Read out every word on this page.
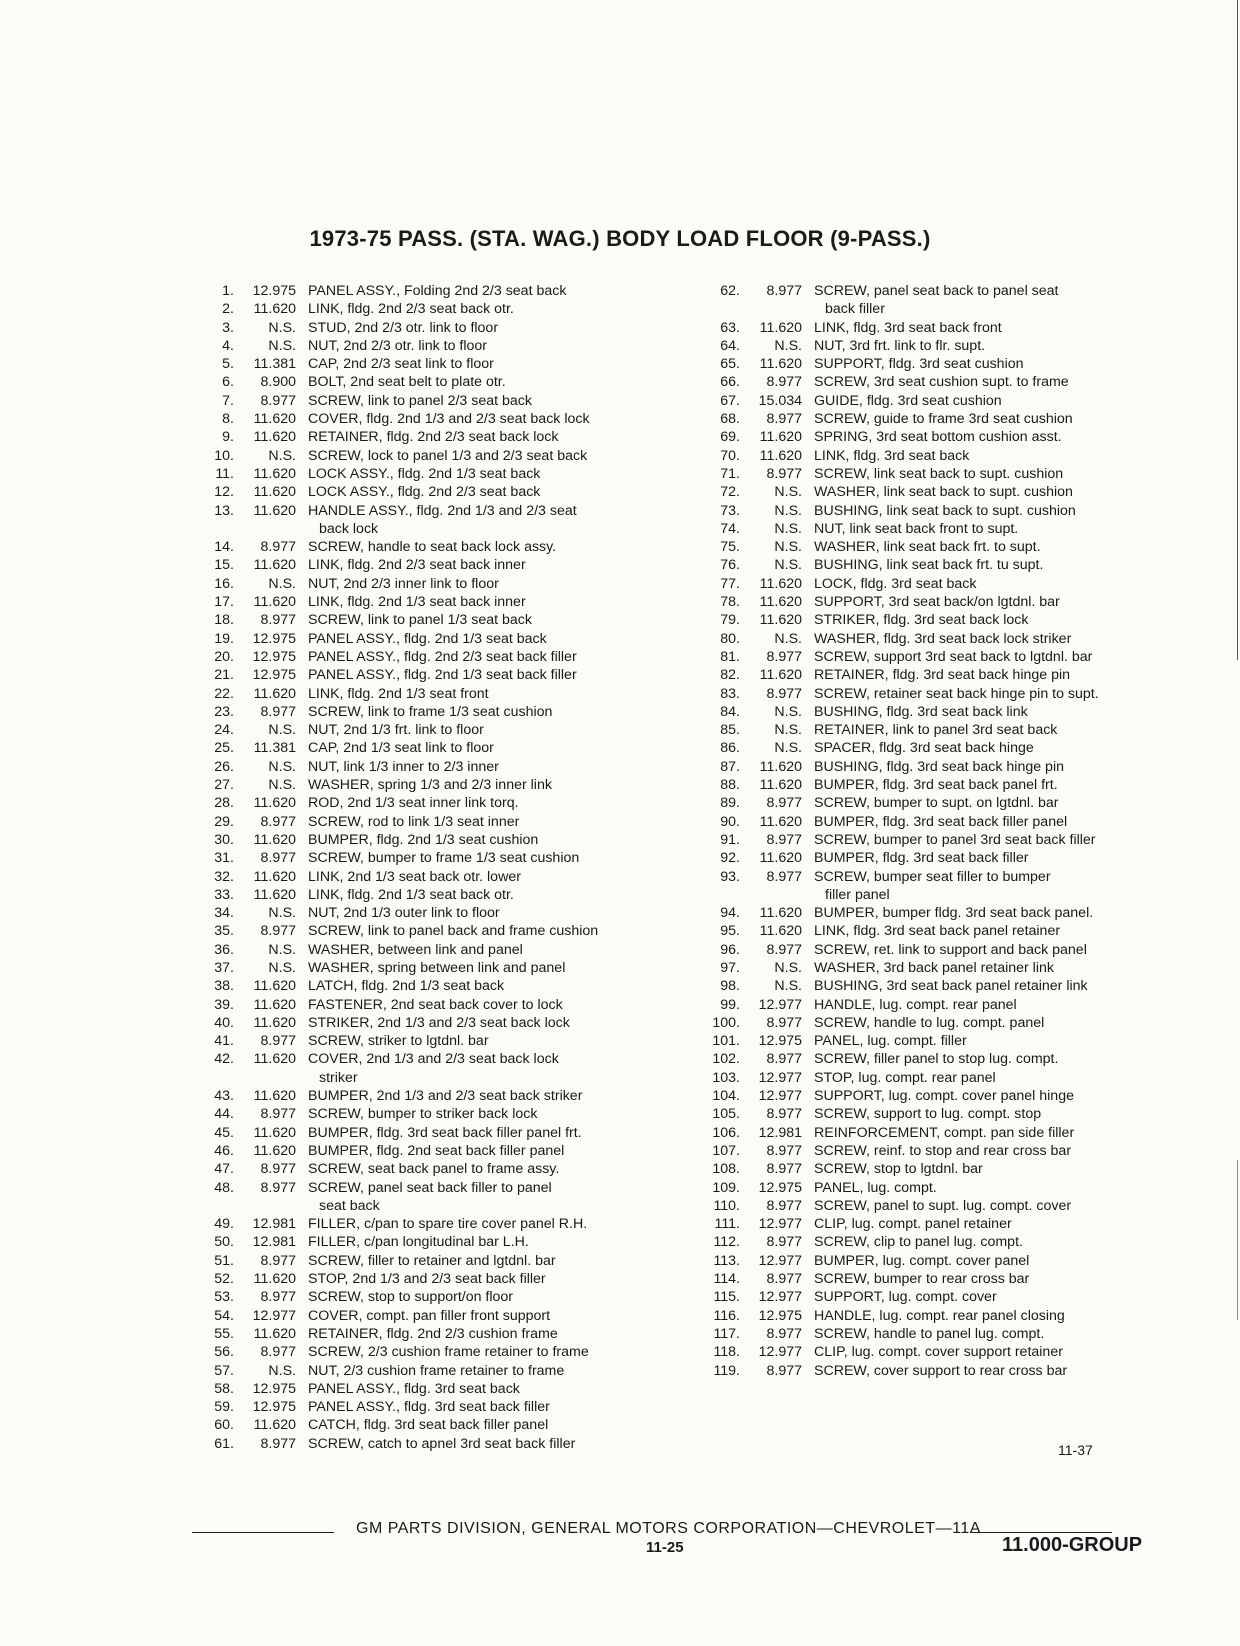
1973-75 PASS. (STA. WAG.) BODY LOAD FLOOR (9-PASS.)
1.	12.975 PANEL ASSY., Folding 2nd 2/3 seat back
2.	11.620 LINK, fldg. 2nd 2/3 seat back otr.
3.	N.S. STUD, 2nd 2/3 otr. link to floor
4.	N.S. NUT, 2nd 2/3 otr. link to floor
5.	11.381 CAP, 2nd 2/3 seat link to floor
6.	8.900 BOLT, 2nd seat belt to plate otr.
7.	8.977 SCREW, link to panel 2/3 seat back
8.	11.620 COVER, fldg. 2nd 1/3 and 2/3 seat back lock
9.	11.620 RETAINER, fldg. 2nd 2/3 seat back lock
10.	N.S. SCREW, lock to panel 1/3 and 2/3 seat back
11.	11.620 LOCK ASSY., fldg. 2nd 1/3 seat back
12.	11.620 LOCK ASSY., fldg. 2nd 2/3 seat back
13.	11.620 HANDLE ASSY., fldg. 2nd 1/3 and 2/3 seat
back lock
14.	8.977 SCREW, handle to seat back lock assy.
15.	11.620 LINK, fldg. 2nd 2/3 seat back inner
16.	N.S. NUT, 2nd 2/3 inner link to floor
17.	11.620 LINK, fldg. 2nd 1/3 seat back inner
18.	8.977 SCREW, link to panel 1/3 seat back
19.	12.975 PANEL ASSY., fldg. 2nd 1/3 seat back
20.	12.975 PANEL ASSY., fldg. 2nd 2/3 seat back filler
21.	12.975 PANEL ASSY., fldg. 2nd 1/3 seat back filler
22.	11.620 LINK, fldg. 2nd 1/3 seat front
23.	8.977 SCREW, link to frame 1/3 seat cushion
24.	N.S. NUT, 2nd 1/3 frt. link to floor
25.	11.381 CAP, 2nd 1/3 seat link to floor
26.	N.S. NUT, link 1/3 inner to 2/3 inner
27.	N.S. WASHER, spring 1/3 and 2/3 inner link
28.	11.620 ROD, 2nd 1/3 seat inner link torq.
29.	8.977 SCREW, rod to link 1/3 seat inner
30.	11.620 BUMPER, fldg. 2nd 1/3 seat cushion
31.	8.977 SCREW, bumper to frame 1/3 seat cushion
32.	11.620 LINK, 2nd 1/3 seat back otr. lower
33.	11.620 LINK, fldg. 2nd 1/3 seat back otr.
34.	N.S. NUT, 2nd 1/3 outer link to floor
35.	8.977 SCREW, link to panel back and frame cushion
36.	N.S. WASHER, between link and panel
37.	N.S. WASHER, spring between link and panel
38.	11.620 LATCH, fldg. 2nd 1/3 seat back
39.	11.620 FASTENER, 2nd seat back cover to lock
40.	11.620 STRIKER, 2nd 1/3 and 2/3 seat back lock
41.	8.977 SCREW, striker to lgtdnl. bar
42.	11.620 COVER, 2nd 1/3 and 2/3 seat back lock
striker
43.	11.620 BUMPER, 2nd 1/3 and 2/3 seat back striker
44.	8.977 SCREW, bumper to striker back lock
45.	11.620 BUMPER, fldg. 3rd seat back filler panel frt.
46.	11.620 BUMPER, fldg. 2nd seat back filler panel
47.	8.977 SCREW, seat back panel to frame assy.
48.	8.977 SCREW, panel seat back filler to panel
seat back
49.	12.981 FILLER, c/pan to spare tire cover panel R.H.
50.	12.981 FILLER, c/pan longitudinal bar L.H.
51.	8.977 SCREW, filler to retainer and lgtdnl. bar
52.	11.620 STOP, 2nd 1/3 and 2/3 seat back filler
53.	8.977 SCREW, stop to support/on floor
54.	12.977 COVER, compt. pan filler front support
55.	11.620 RETAINER, fldg. 2nd 2/3 cushion frame
56.	8.977 SCREW, 2/3 cushion frame retainer to frame
57.	N.S. NUT, 2/3 cushion frame retainer to frame
58.	12.975 PANEL ASSY., fldg. 3rd seat back
59.	12.975 PANEL ASSY., fldg. 3rd seat back filler
60.	11.620 CATCH, fldg. 3rd seat back filler panel
61.	8.977 SCREW, catch to apnel 3rd seat back filler
62.	8.977 SCREW, panel seat back to panel seat
back filler
63.	11.620 LINK, fldg. 3rd seat back front
64.	N.S. NUT, 3rd frt. link to flr. supt.
65.	11.620 SUPPORT, fldg. 3rd seat cushion
66.	8.977 SCREW, 3rd seat cushion supt. to frame
67.	15.034 GUIDE, fldg. 3rd seat cushion
68.	8.977 SCREW, guide to frame 3rd seat cushion
69.	11.620 SPRING, 3rd seat bottom cushion asst.
70.	11.620 LINK, fldg. 3rd seat back
71.	8.977 SCREW, link seat back to supt. cushion
72.	N.S. WASHER, link seat back to supt. cushion
73.	N.S. BUSHING, link seat back to supt. cushion
74.	N.S. NUT, link seat back front to supt.
75.	N.S. WASHER, link seat back frt. to supt.
76.	N.S. BUSHING, link seat back frt. tu supt.
77.	11.620 LOCK, fldg. 3rd seat back
78.	11.620 SUPPORT, 3rd seat back/on lgtdnl. bar
79.	11.620 STRIKER, fldg. 3rd seat back lock
80.	N.S. WASHER, fldg. 3rd seat back lock striker
81.	8.977 SCREW, support 3rd seat back to lgtdnl. bar
82.	11.620 RETAINER, fldg. 3rd seat back hinge pin
83.	8.977 SCREW, retainer seat back hinge pin to supt.
84.	N.S. BUSHING, fldg. 3rd seat back link
85.	N.S. RETAINER, link to panel 3rd seat back
86.	N.S. SPACER, fldg. 3rd seat back hinge
87.	11.620 BUSHING, fldg. 3rd seat back hinge pin
88.	11.620 BUMPER, fldg. 3rd seat back panel frt.
89.	8.977 SCREW, bumper to supt. on lgtdnl. bar
90.	11.620 BUMPER, fldg. 3rd seat back filler panel
91.	8.977 SCREW, bumper to panel 3rd seat back filler
92.	11.620 BUMPER, fldg. 3rd seat back filler
93.	8.977 SCREW, bumper seat filler to bumper
filler panel
94.	11.620 BUMPER, bumper fldg. 3rd seat back panel.
95.	11.620 LINK, fldg. 3rd seat back panel retainer
96.	8.977 SCREW, ret. link to support and back panel
97.	N.S. WASHER, 3rd back panel retainer link
98.	N.S. BUSHING, 3rd seat back panel retainer link
99.	12.977 HANDLE, lug. compt. rear panel
100.	8.977 SCREW, handle to lug. compt. panel
101.	12.975 PANEL, lug. compt. filler
102.	8.977 SCREW, filler panel to stop lug. compt.
103.	12.977 STOP, lug. compt. rear panel
104.	12.977 SUPPORT, lug. compt. cover panel hinge
105.	8.977 SCREW, support to lug. compt. stop
106.	12.981 REINFORCEMENT, compt. pan side filler
107.	8.977 SCREW, reinf. to stop and rear cross bar
108.	8.977 SCREW, stop to lgtdnl. bar
109.	12.975 PANEL, lug. compt.
110.	8.977 SCREW, panel to supt. lug. compt. cover
111.	12.977 CLIP, lug. compt. panel retainer
112.	8.977 SCREW, clip to panel lug. compt.
113.	12.977 BUMPER, lug. compt. cover panel
114.	8.977 SCREW, bumper to rear cross bar
115.	12.977 SUPPORT, lug. compt. cover
116.	12.975 HANDLE, lug. compt. rear panel closing
117.	8.977 SCREW, handle to panel lug. compt.
118.	12.977 CLIP, lug. compt. cover support retainer
119.	8.977 SCREW, cover support to rear cross bar
11-37
GM PARTS DIVISION, GENERAL MOTORS CORPORATION—CHEVROLET—11A
11-25	11.000-GROUP
